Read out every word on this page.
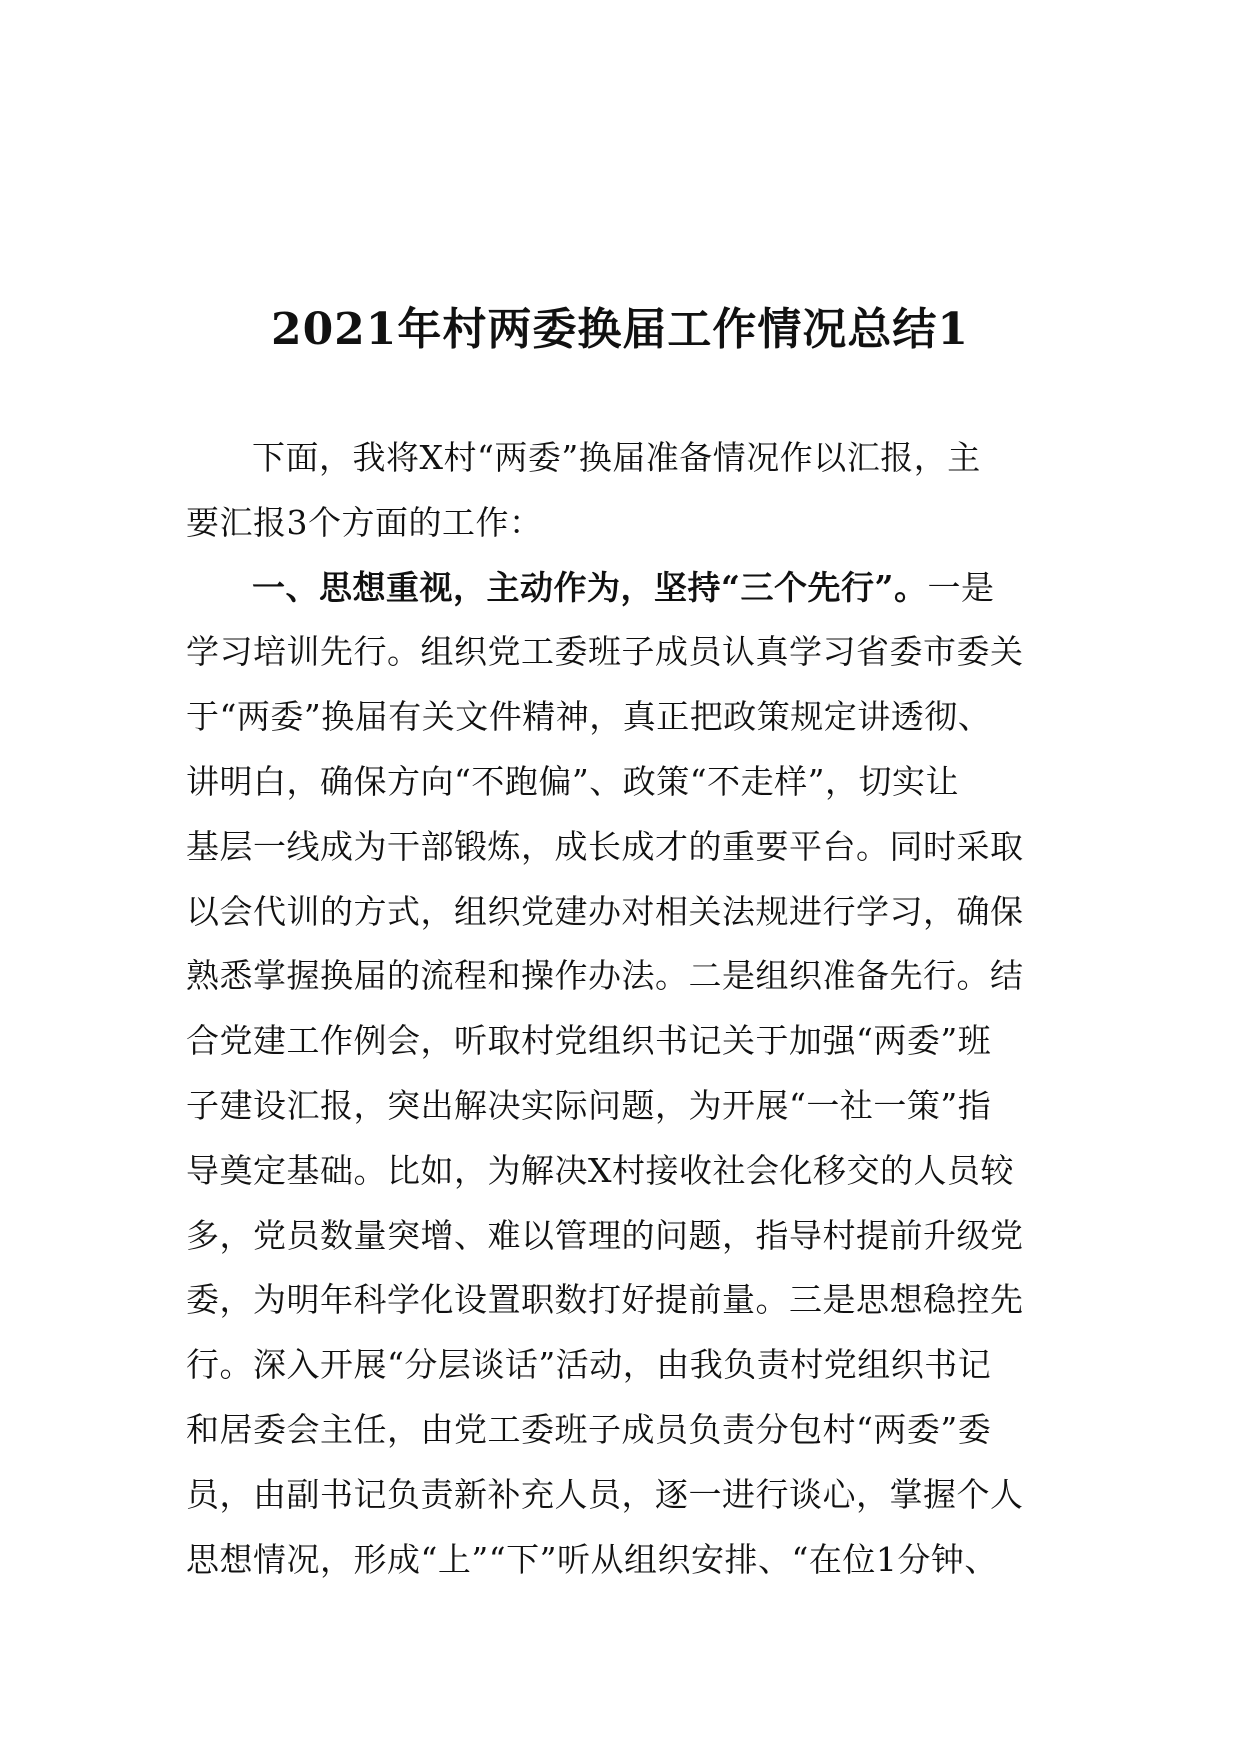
2021年村两委换届工作情况总结1
下面，我将X村“两委”换届准备情况作以汇报，主
要汇报3个方面的工作：
一、思想重视，主动作为，坚持“三个先行”。一是
学习培训先行。组织党工委班子成员认真学习省委市委关
于“两委”换届有关文件精神，真正把政策规定讲透彻、
讲明白，确保方向“不跑偏”、政策“不走样”，切实让
基层一线成为干部锻炼，成长成才的重要平台。同时采取
以会代训的方式，组织党建办对相关法规进行学习，确保
熟悉掌握换届的流程和操作办法。二是组织准备先行。结
合党建工作例会，听取村党组织书记关于加强“两委”班
子建设汇报，突出解决实际问题，为开展“一社一策”指
导奠定基础。比如，为解决X村接收社会化移交的人员较
多，党员数量突增、难以管理的问题，指导村提前升级党
委，为明年科学化设置职数打好提前量。三是思想稳控先
行。深入开展“分层谈话”活动，由我负责村党组织书记
和居委会主任，由党工委班子成员负责分包村“两委”委
员，由副书记负责新补充人员，逐一进行谈心，掌握个人
思想情况，形成“上”“下”听从组织安排、“在位1分钟、
